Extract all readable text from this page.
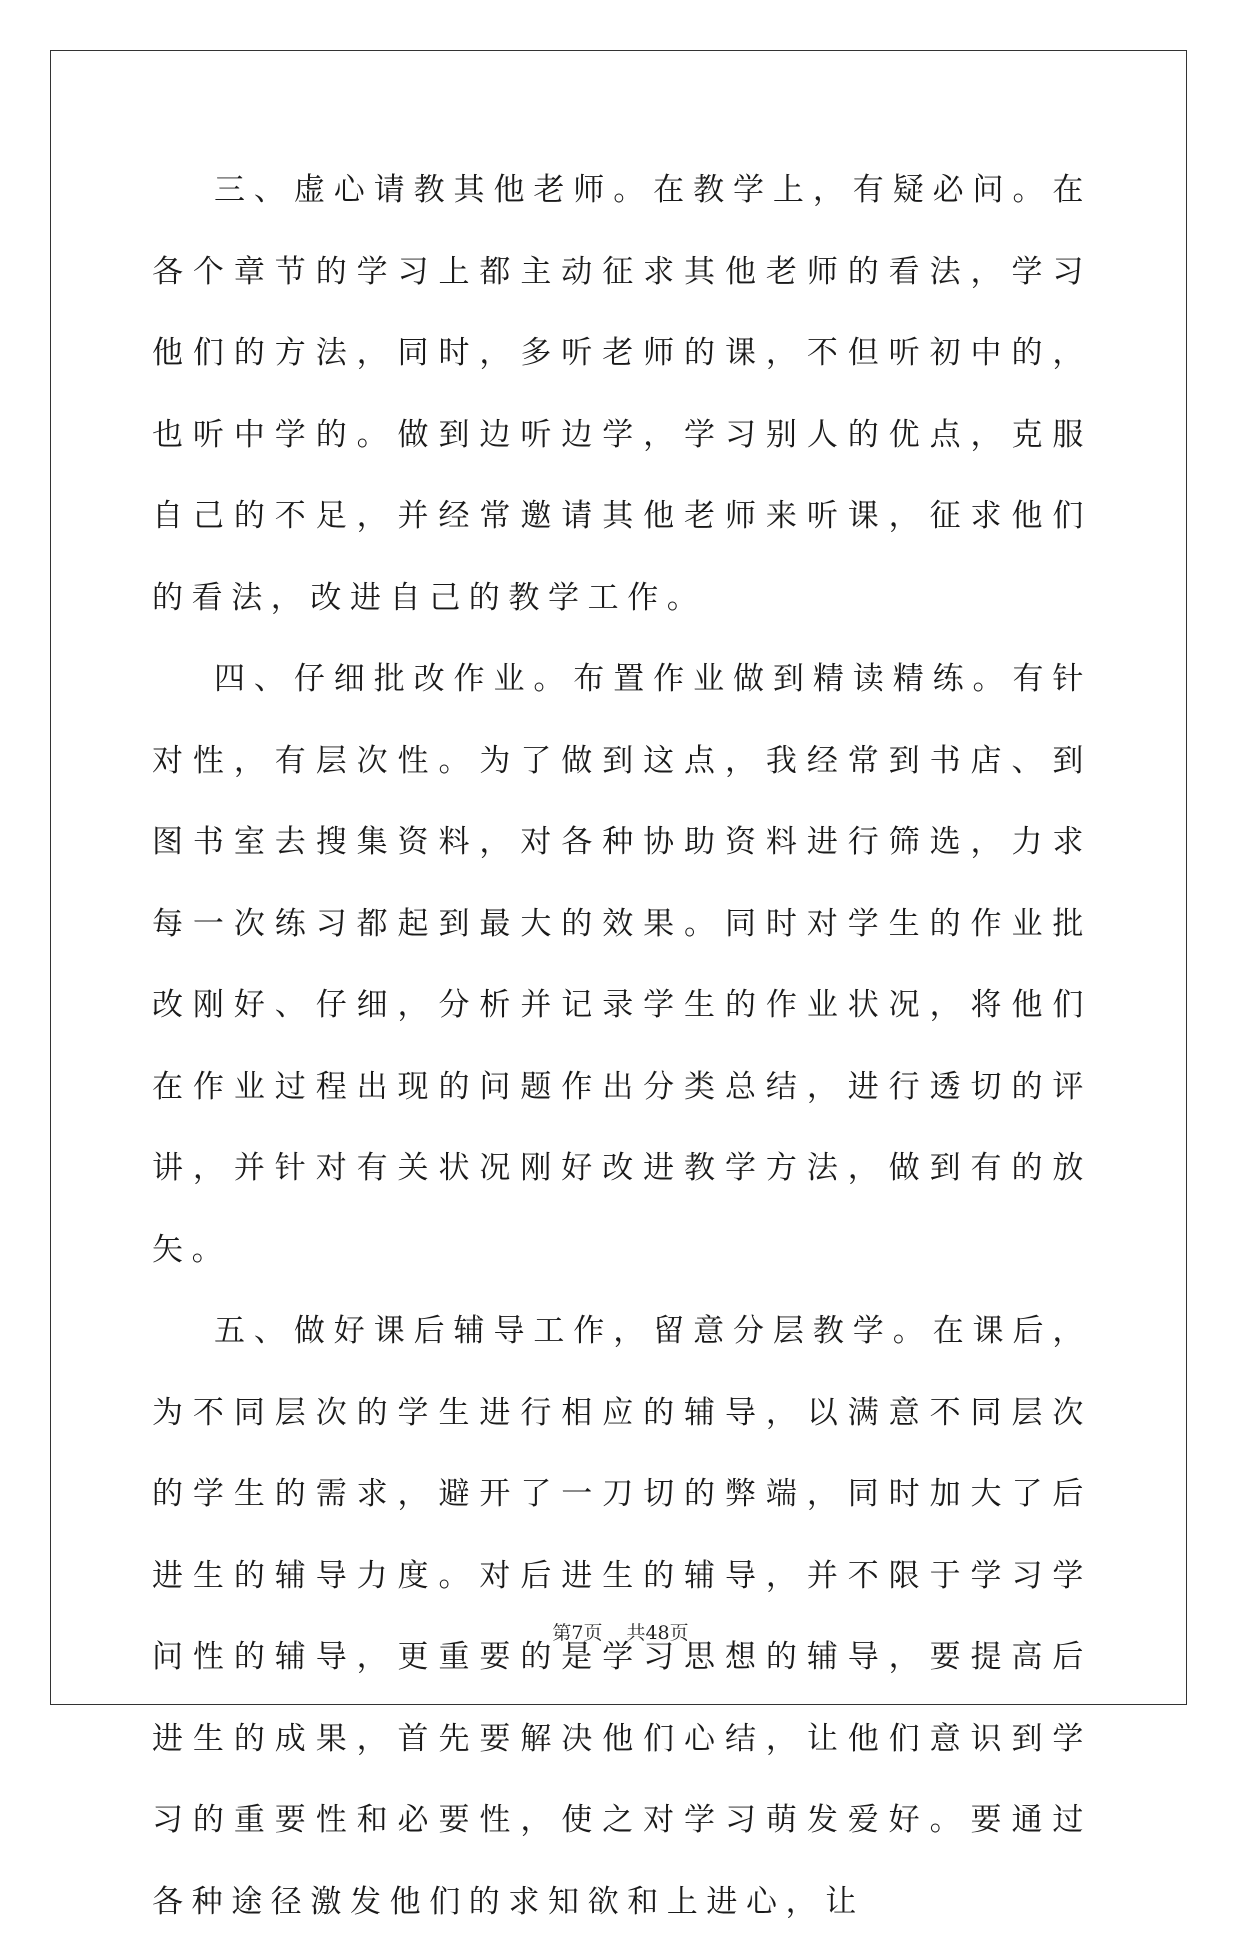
三、虚心请教其他老师。在教学上，有疑必问。在各个章节的学习上都主动征求其他老师的看法，学习他们的方法，同时，多听老师的课，不但听初中的，也听中学的。做到边听边学，学习别人的优点，克服自己的不足，并经常邀请其他老师来听课，征求他们的看法，改进自己的教学工作。

四、仔细批改作业。布置作业做到精读精练。有针对性，有层次性。为了做到这点，我经常到书店、到图书室去搜集资料，对各种协助资料进行筛选，力求每一次练习都起到最大的效果。同时对学生的作业批改刚好、仔细，分析并记录学生的作业状况，将他们在作业过程出现的问题作出分类总结，进行透切的评讲，并针对有关状况刚好改进教学方法，做到有的放矢。

五、做好课后辅导工作，留意分层教学。在课后，为不同层次的学生进行相应的辅导，以满意不同层次的学生的需求，避开了一刀切的弊端，同时加大了后进生的辅导力度。对后进生的辅导，并不限于学习学问性的辅导，更重要的是学习思想的辅导，要提高后进生的成果，首先要解决他们心结，让他们意识到学习的重要性和必要性，使之对学习萌发爱好。要通过各种途径激发他们的求知欲和上进心，让

第7页 共48页
